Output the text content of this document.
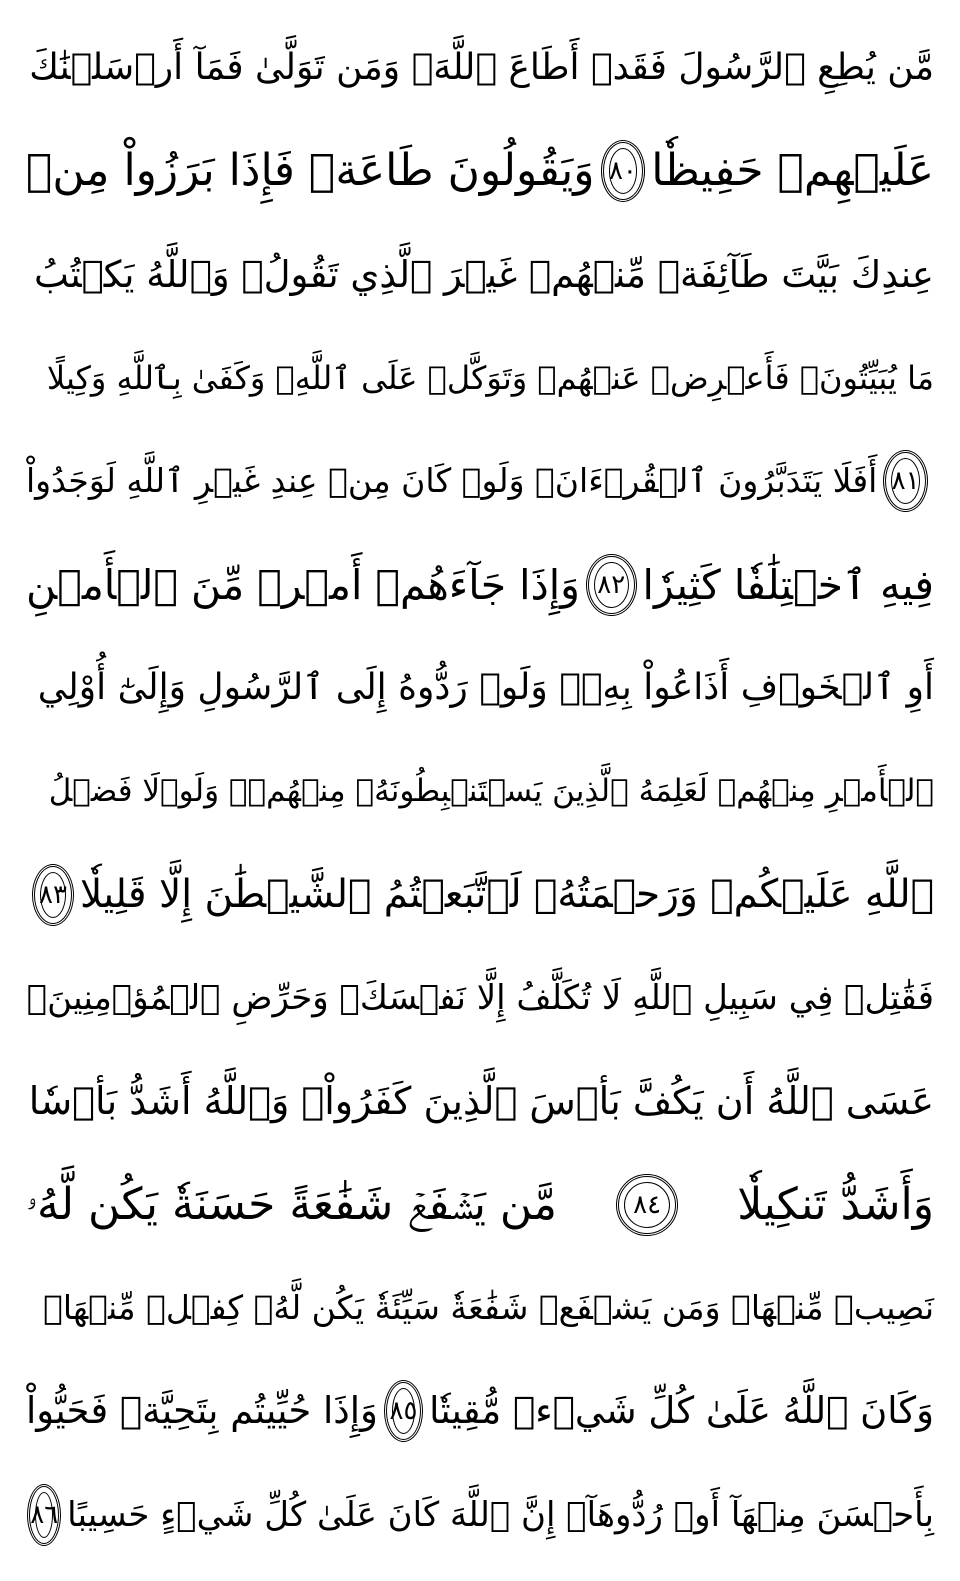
مَّن يُطِعِ ٱلرَّسُولَ فَقَدۡ أَطَاعَ ٱللَّهَۖ وَمَن تَوَلَّىٰ فَمَآ أَرۡسَلۡنَٰكَ
عَلَيۡهِمۡ حَفِيظٗا
٨٠
وَيَقُولُونَ طَاعَةٞ فَإِذَا بَرَزُواْ مِنۡ
عِندِكَ بَيَّتَ طَآئِفَةٞ مِّنۡهُمۡ غَيۡرَ ٱلَّذِي تَقُولُۖ وَٱللَّهُ يَكۡتُبُ
مَا يُبَيِّتُونَۖ فَأَعۡرِضۡ عَنۡهُمۡ وَتَوَكَّلۡ عَلَى ٱللَّهِۚ وَكَفَىٰ بِٱللَّهِ وَكِيلًا
٨١
أَفَلَا يَتَدَبَّرُونَ ٱلۡقُرۡءَانَۚ وَلَوۡ كَانَ مِنۡ عِندِ غَيۡرِ ٱللَّهِ لَوَجَدُواْ
فِيهِ ٱخۡتِلَٰفٗا كَثِيرٗا
٨٢
وَإِذَا جَآءَهُمۡ أَمۡرٞ مِّنَ ٱلۡأَمۡنِ
أَوِ ٱلۡخَوۡفِ أَذَاعُواْ بِهِۦۖ وَلَوۡ رَدُّوهُ إِلَى ٱلرَّسُولِ وَإِلَىٰٓ أُوْلِي
ٱلۡأَمۡرِ مِنۡهُمۡ لَعَلِمَهُ ٱلَّذِينَ يَسۡتَنۢبِطُونَهُۥ مِنۡهُمۡۗ وَلَوۡلَا فَضۡلُ
ٱللَّهِ عَلَيۡكُمۡ وَرَحۡمَتُهُۥ لَٱتَّبَعۡتُمُ ٱلشَّيۡطَٰنَ إِلَّا قَلِيلٗا
٨٣
فَقَٰتِلۡ فِي سَبِيلِ ٱللَّهِ لَا تُكَلَّفُ إِلَّا نَفۡسَكَۚ وَحَرِّضِ ٱلۡمُؤۡمِنِينَۖ
عَسَى ٱللَّهُ أَن يَكُفَّ بَأۡسَ ٱلَّذِينَ كَفَرُواْۚ وَٱللَّهُ أَشَدُّ بَأۡسٗا
وَأَشَدُّ تَنكِيلٗا
٨٤
مَّن يَشۡفَعۡ شَفَٰعَةً حَسَنَةٗ يَكُن لَّهُۥ
نَصِيبٞ مِّنۡهَاۖ وَمَن يَشۡفَعۡ شَفَٰعَةٗ سَيِّئَةٗ يَكُن لَّهُۥ كِفۡلٞ مِّنۡهَاۗ
وَكَانَ ٱللَّهُ عَلَىٰ كُلِّ شَيۡءٖ مُّقِيتٗا
٨٥
وَإِذَا حُيِّيتُم بِتَحِيَّةٖ فَحَيُّواْ
بِأَحۡسَنَ مِنۡهَآ أَوۡ رُدُّوهَآۗ إِنَّ ٱللَّهَ كَانَ عَلَىٰ كُلِّ شَيۡءٍ حَسِيبًا
٨٦
